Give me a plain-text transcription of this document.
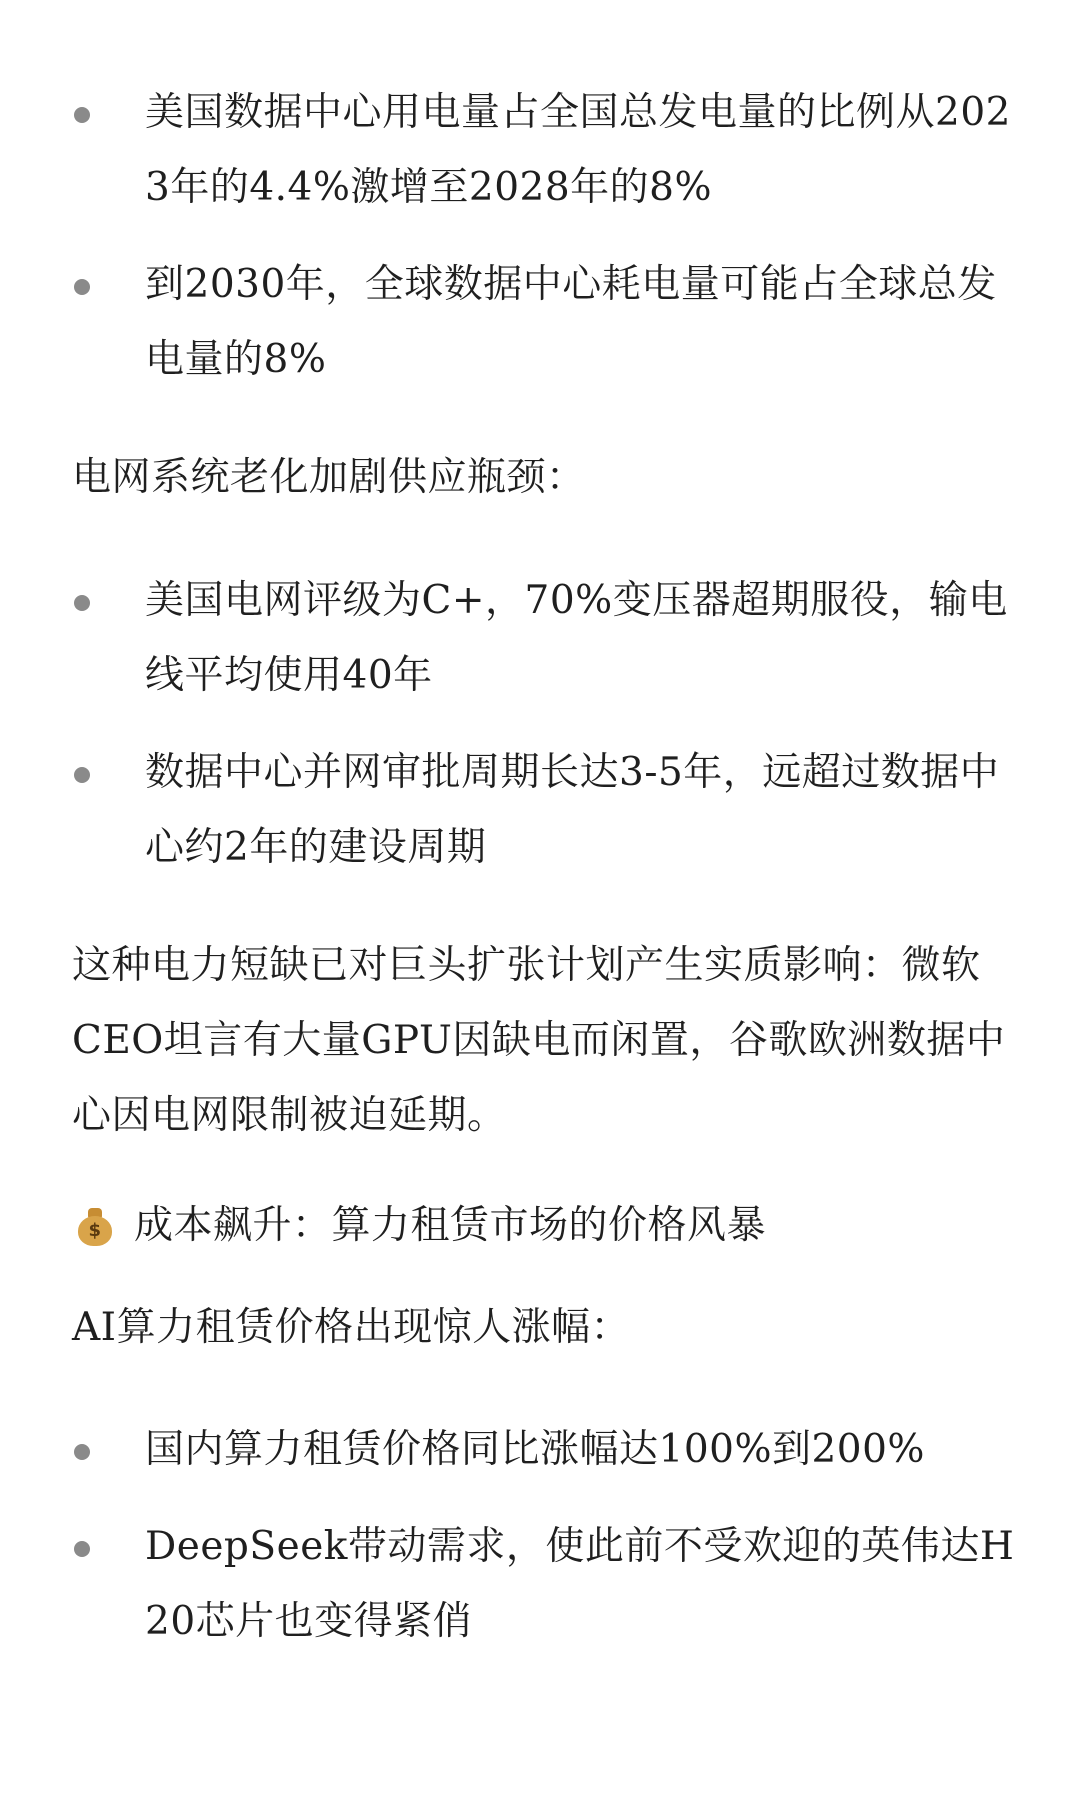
美国数据中心用电量占全国总发电量的比例从2023年的4.4%激增至2028年的8%
到2030年，全球数据中心耗电量可能占全球总发电量的8%

电网系统老化加剧供应瓶颈：

美国电网评级为C+，70%变压器超期服役，输电线平均使用40年
数据中心并网审批周期长达3-5年，远超过数据中心约2年的建设周期

这种电力短缺已对巨头扩张计划产生实质影响：微软CEO坦言有大量GPU因缺电而闲置，谷歌欧洲数据中心因电网限制被迫延期。

$ 成本飙升：算力租赁市场的价格风暴

AI算力租赁价格出现惊人涨幅：

国内算力租赁价格同比涨幅达100%到200%
DeepSeek带动需求，使此前不受欢迎的英伟达H20芯片也变得紧俏
